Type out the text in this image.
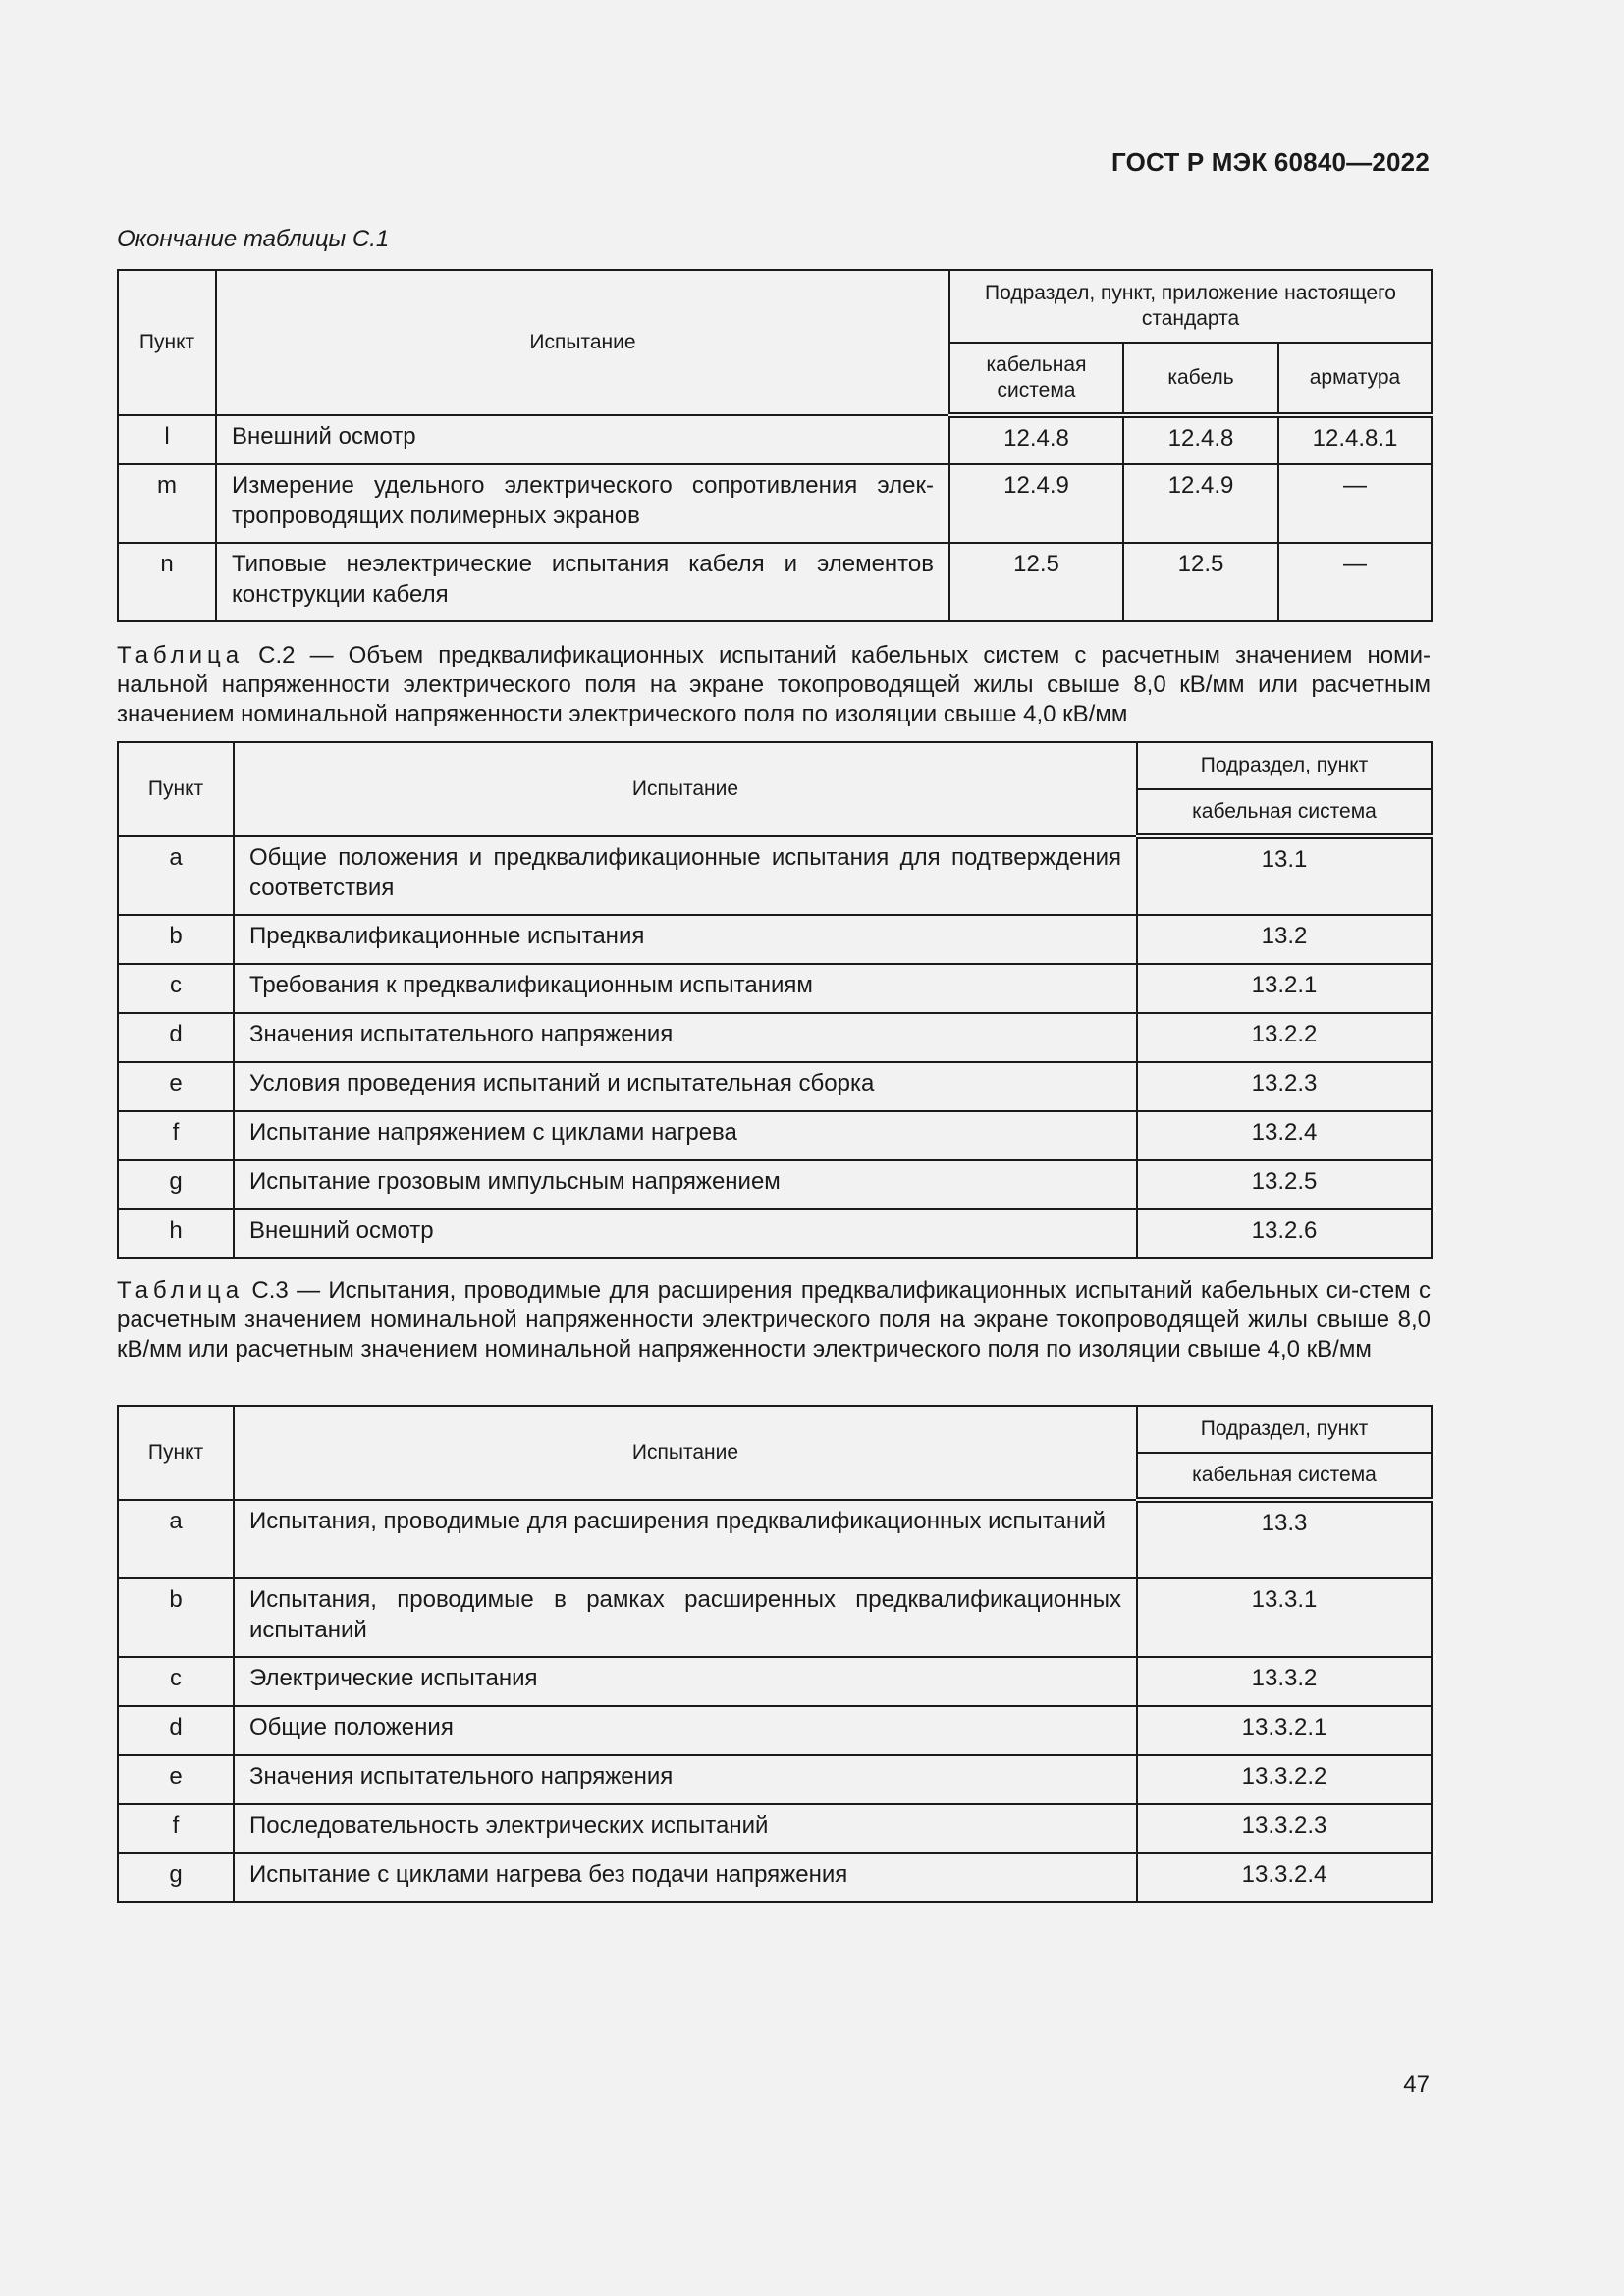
ГОСТ Р МЭК 60840—2022
Окончание таблицы С.1
Пункт	Испытание	Подраздел, пункт, приложение настоящего стандарта		
		кабельная система	кабель	арматура
l	Внешний осмотр	12.4.8	12.4.8	12.4.8.1
m	Измерение удельного электрического сопротивления элек-тропроводящих полимерных экранов	12.4.9	12.4.9	—
n	Типовые неэлектрические испытания кабеля и элементов конструкции кабеля	12.5	12.5	—
Таблица С.2 — Объем предквалификационных испытаний кабельных систем с расчетным значением номи-нальной напряженности электрического поля на экране токопроводящей жилы свыше 8,0 кВ/мм или расчетным значением номинальной напряженности электрического поля по изоляции свыше 4,0 кВ/мм
Пункт	Испытание	Подраздел, пункт
		кабельная система
a	Общие положения и предквалификационные испытания для подтверждения соответствия	13.1
b	Предквалификационные испытания	13.2
c	Требования к предквалификационным испытаниям	13.2.1
d	Значения испытательного напряжения	13.2.2
e	Условия проведения испытаний и испытательная сборка	13.2.3
f	Испытание напряжением с циклами нагрева	13.2.4
g	Испытание грозовым импульсным напряжением	13.2.5
h	Внешний осмотр	13.2.6
Таблица С.3 — Испытания, проводимые для расширения предквалификационных испытаний кабельных си-стем с расчетным значением номинальной напряженности электрического поля на экране токопроводящей жилы свыше 8,0 кВ/мм или расчетным значением номинальной напряженности электрического поля по изоляции свыше 4,0 кВ/мм
Пункт	Испытание	Подраздел, пункт
		кабельная система
a	Испытания, проводимые для расширения предквалификационных испытаний	13.3
b	Испытания, проводимые в рамках расширенных предквалификационных испытаний	13.3.1
c	Электрические испытания	13.3.2
d	Общие положения	13.3.2.1
e	Значения испытательного напряжения	13.3.2.2
f	Последовательность электрических испытаний	13.3.2.3
g	Испытание с циклами нагрева без подачи напряжения	13.3.2.4
47
